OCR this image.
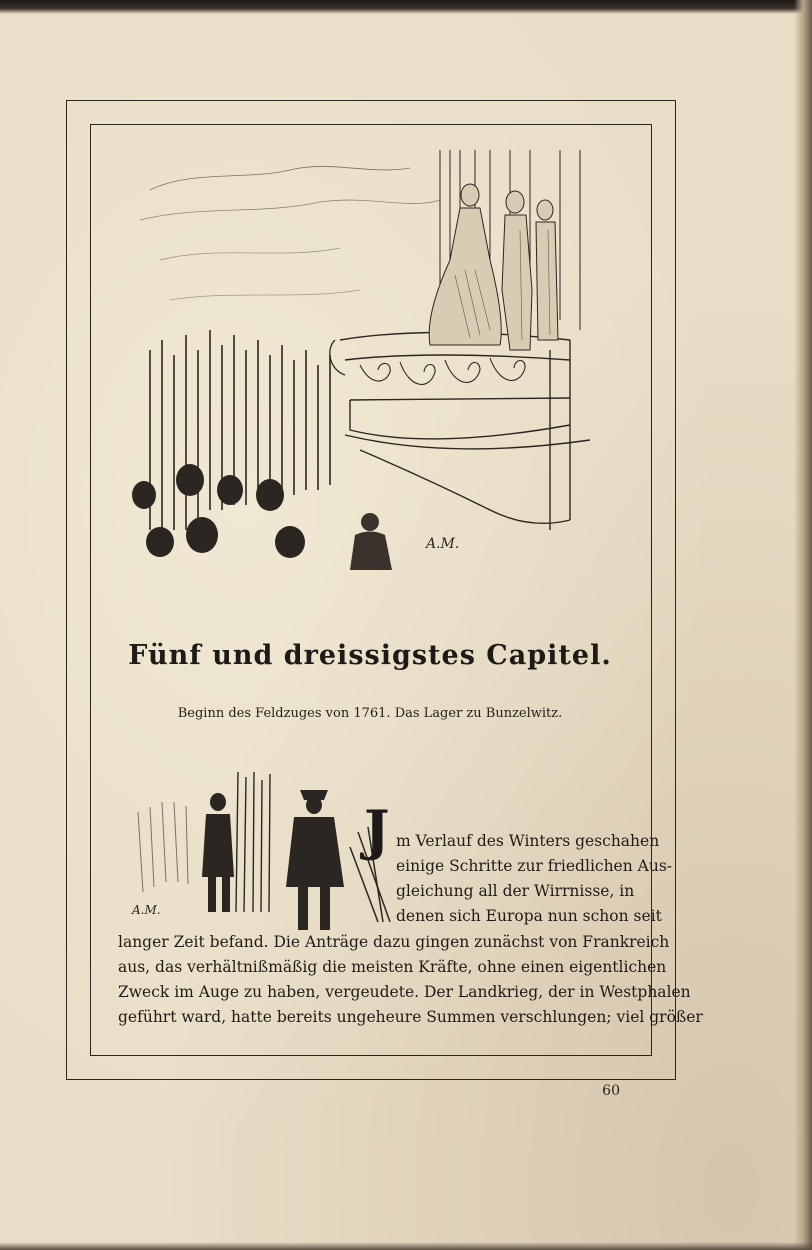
A.M.
Fünf und dreissigstes Capitel.
Beginn des Feldzuges von 1761. Das Lager zu Bunzelwitz.
A.M.
J m Verlauf des Winters geschahen
einige Schritte zur friedlichen Aus-
gleichung all der Wirrnisse, in
denen sich Europa nun schon seit
langer Zeit befand. Die Anträge dazu gingen zunächst von Frankreich
aus, das verhältnißmäßig die meisten Kräfte, ohne einen eigentlichen
Zweck im Auge zu haben, vergeudete. Der Landkrieg, der in Westphalen
geführt ward, hatte bereits ungeheure Summen verschlungen; viel größer
60
